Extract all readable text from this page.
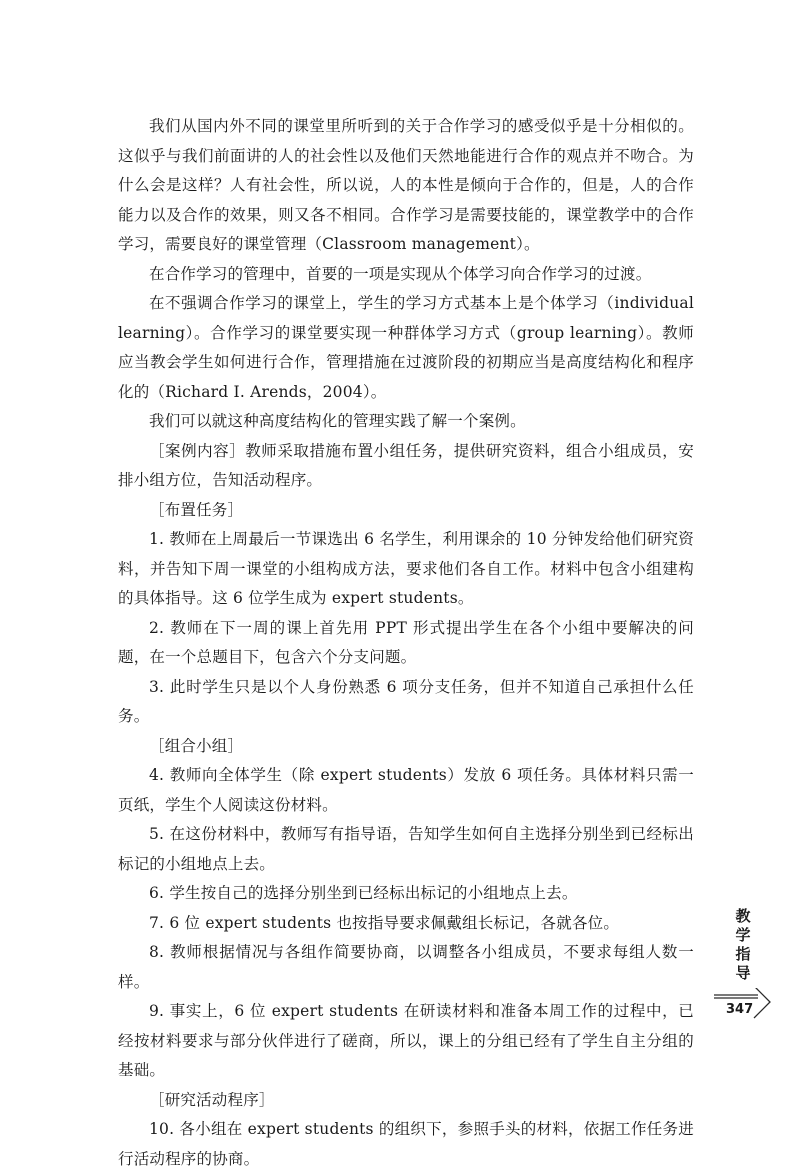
我们从国内外不同的课堂里所听到的关于合作学习的感受似乎是十分相似的。这似乎与我们前面讲的人的社会性以及他们天然地能进行合作的观点并不吻合。为什么会是这样？人有社会性，所以说，人的本性是倾向于合作的，但是，人的合作能力以及合作的效果，则又各不相同。合作学习是需要技能的，课堂教学中的合作学习，需要良好的课堂管理（Classroom management）。

在合作学习的管理中，首要的一项是实现从个体学习向合作学习的过渡。

在不强调合作学习的课堂上，学生的学习方式基本上是个体学习（individual learning）。合作学习的课堂要实现一种群体学习方式（group learning）。教师应当教会学生如何进行合作，管理措施在过渡阶段的初期应当是高度结构化和程序化的（Richard I. Arends，2004）。

我们可以就这种高度结构化的管理实践了解一个案例。

［案例内容］教师采取措施布置小组任务，提供研究资料，组合小组成员，安排小组方位，告知活动程序。

［布置任务］

1. 教师在上周最后一节课选出 6 名学生，利用课余的 10 分钟发给他们研究资料，并告知下周一课堂的小组构成方法，要求他们各自工作。材料中包含小组建构的具体指导。这 6 位学生成为 expert students。

2. 教师在下一周的课上首先用 PPT 形式提出学生在各个小组中要解决的问题，在一个总题目下，包含六个分支问题。

3. 此时学生只是以个人身份熟悉 6 项分支任务，但并不知道自己承担什么任务。

［组合小组］

4. 教师向全体学生（除 expert students）发放 6 项任务。具体材料只需一页纸，学生个人阅读这份材料。

5. 在这份材料中，教师写有指导语，告知学生如何自主选择分别坐到已经标出标记的小组地点上去。

6. 学生按自己的选择分别坐到已经标出标记的小组地点上去。

7. 6 位 expert students 也按指导要求佩戴组长标记，各就各位。

8. 教师根据情况与各组作简要协商，以调整各小组成员，不要求每组人数一样。

9. 事实上，6 位 expert students 在研读材料和准备本周工作的过程中，已经按材料要求与部分伙伴进行了磋商，所以，课上的分组已经有了学生自主分组的基础。

［研究活动程序］

10. 各小组在 expert students 的组织下，参照手头的材料，依据工作任务进行活动程序的协商。

教学指导
347
